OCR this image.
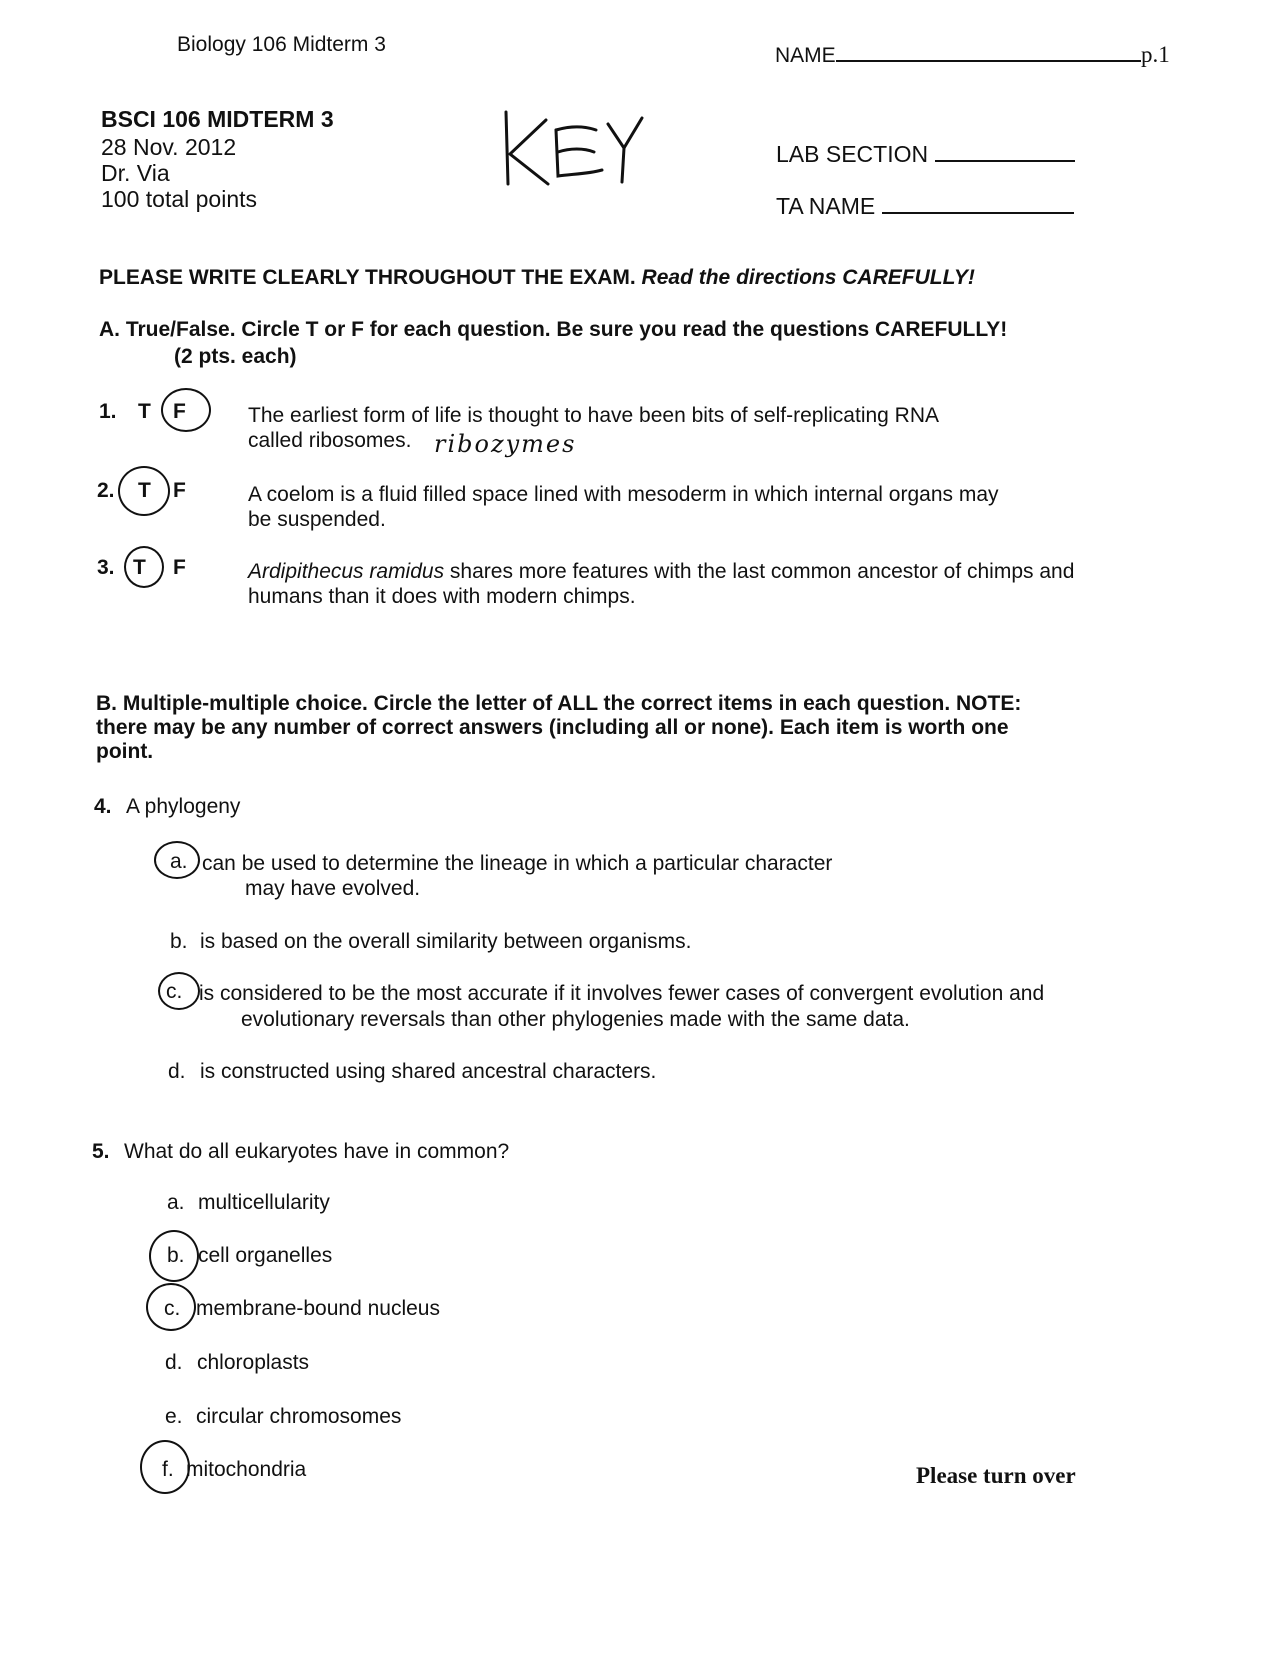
Biology 106 Midterm 3	NAME	p.1
BSCI 106 MIDTERM 3
28 Nov. 2012
Dr. Via
100 total points
LAB SECTION
TA NAME
PLEASE WRITE CLEARLY THROUGHOUT THE EXAM. Read the directions CAREFULLY!
A. True/False. Circle T or F for each question. Be sure you read the questions CAREFULLY!
(2 pts. each)
1. T F	The earliest form of life is thought to have been bits of self-replicating RNA
called ribosomes. ribozymes
2. T F	A coelom is a fluid filled space lined with mesoderm in which internal organs may
be suspended.
3. T F	Ardipithecus ramidus shares more features with the last common ancestor of chimps and
humans than it does with modern chimps.
B. Multiple-multiple choice. Circle the letter of ALL the correct items in each question. NOTE:
there may be any number of correct answers (including all or none). Each item is worth one
point.
4. A phylogeny
a. can be used to determine the lineage in which a particular character
may have evolved.
b. is based on the overall similarity between organisms.
c. is considered to be the most accurate if it involves fewer cases of convergent evolution and
evolutionary reversals than other phylogenies made with the same data.
d. is constructed using shared ancestral characters.
5. What do all eukaryotes have in common?
a. multicellularity
b. cell organelles
c. membrane-bound nucleus
d. chloroplasts
e. circular chromosomes
f. mitochondria	Please turn over
